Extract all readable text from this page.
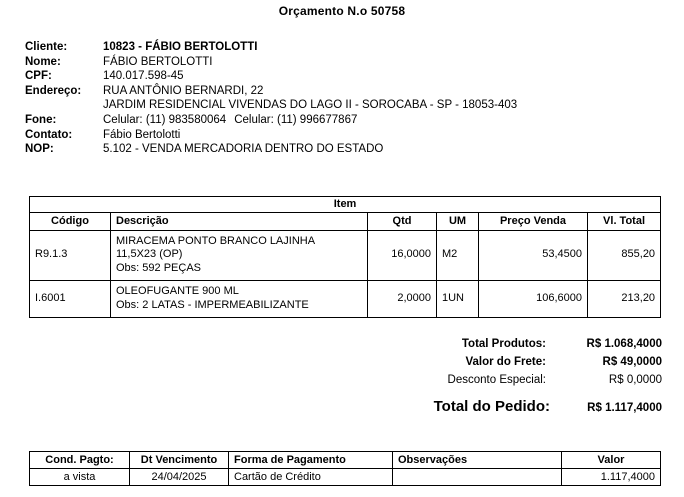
Orçamento N.o 50758
Cliente:	10823 - FÁBIO BERTOLOTTI
Nome:	FÁBIO BERTOLOTTI
CPF:	140.017.598-45
Endereço:	RUA ANTÔNIO BERNARDI, 22
JARDIM RESIDENCIAL VIVENDAS DO LAGO II - SOROCABA - SP - 18053-403
Fone:	Celular: (11) 983580064 Celular: (11) 996677867
Contato:	Fábio Bertolotti
NOP:	5.102 - VENDA MERCADORIA DENTRO DO ESTADO
Item					
Código	Descrição	Qtd	UM	Preço Venda	Vl. Total
R9.1.3	MIRACEMA PONTO BRANCO LAJINHA
11,5X23 (OP)
Obs: 592 PEÇAS	16,0000	M2	53,4500	855,20
I.6001	OLEOFUGANTE 900 ML
Obs: 2 LATAS - IMPERMEABILIZANTE	2,0000	1UN	106,6000	213,20
Total Produtos:	R$ 1.068,4000
Valor do Frete:	R$ 49,0000
Desconto Especial:	R$ 0,0000
Total do Pedido:	R$ 1.117,4000
Cond. Pagto:	Dt Vencimento	Forma de Pagamento	Observações	Valor
a vista	24/04/2025	Cartão de Crédito		1.117,4000
